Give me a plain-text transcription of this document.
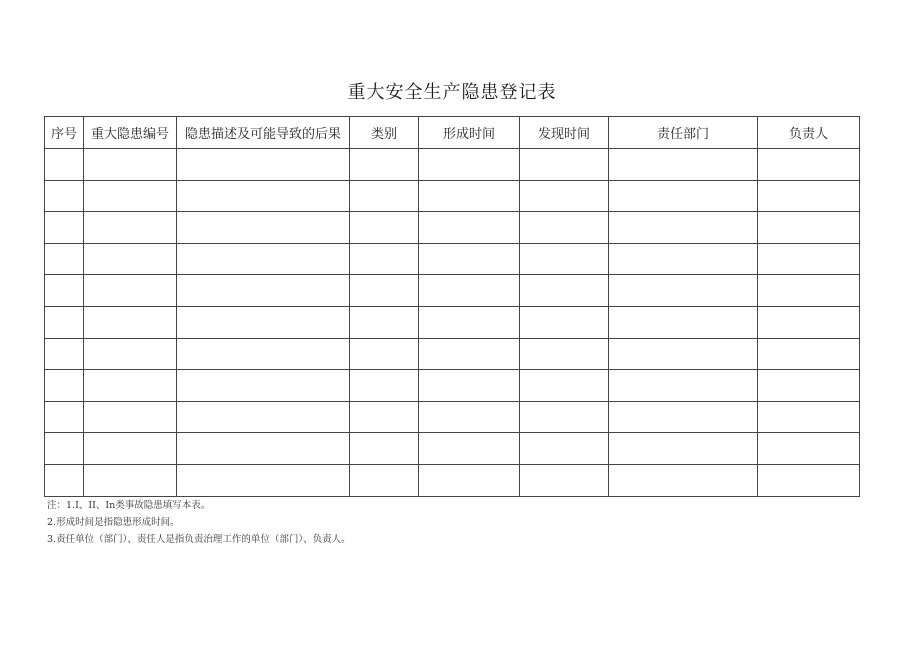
重大安全生产隐患登记表
序号	重大隐患编号	隐患描述及可能导致的后果	类别	形成时间	发现时间	责任部门	负责人

注：1.I、II、In类事故隐患填写本表。
2.形成时间是指隐患形成时间。
3.责任单位（部门）、责任人是指负责治理工作的单位（部门）、负责人。
